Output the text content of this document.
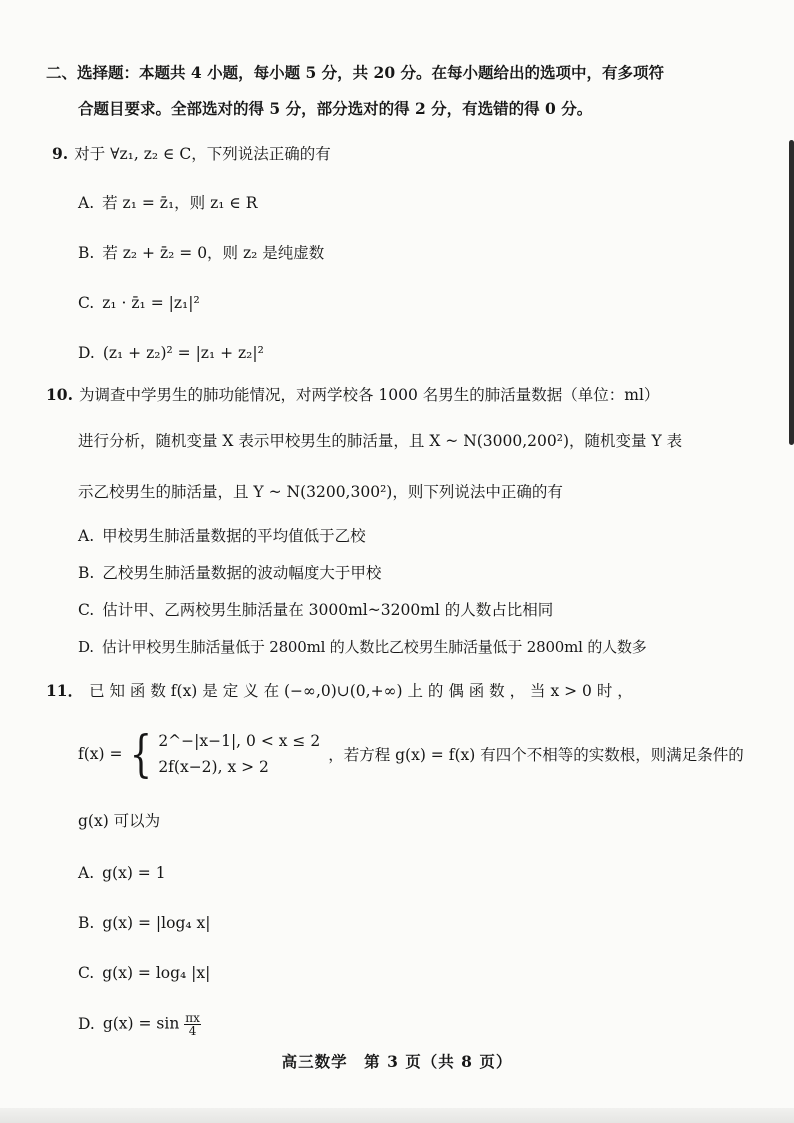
二、选择题：本题共 4 小题，每小题 5 分，共 20 分。在每小题给出的选项中，有多项符
合题目要求。全部选对的得 5 分，部分选对的得 2 分，有选错的得 0 分。
9. 对于 ∀z₁, z₂ ∈ C，下列说法正确的有
A. 若 z₁ = z̄₁，则 z₁ ∈ R
B. 若 z₂ + z̄₂ = 0，则 z₂ 是纯虚数
C. z₁ · z̄₁ = |z₁|²
D. (z₁ + z₂)² = |z₁ + z₂|²
10. 为调查中学男生的肺功能情况，对两学校各 1000 名男生的肺活量数据（单位：ml）
进行分析，随机变量 X 表示甲校男生的肺活量，且 X ~ N(3000,200²)，随机变量 Y 表
示乙校男生的肺活量，且 Y ~ N(3200,300²)，则下列说法中正确的有
A. 甲校男生肺活量数据的平均值低于乙校
B. 乙校男生肺活量数据的波动幅度大于甲校
C. 估计甲、乙两校男生肺活量在 3000ml~3200ml 的人数占比相同
D. 估计甲校男生肺活量低于 2800ml 的人数比乙校男生肺活量低于 2800ml 的人数多
11． 已 知 函 数 f(x) 是 定 义 在 (−∞,0)∪(0,+∞) 上 的 偶 函 数 ， 当 x > 0 时 ，
f(x) = { 2^−|x−1|, 0 < x ≤ 2
2f(x−2), x > 2
，若方程 g(x) = f(x) 有四个不相等的实数根，则满足条件的
g(x) 可以为
A. g(x) = 1
B. g(x) = |log₄ x|
C. g(x) = log₄ |x|
D. $g(x) = \sin \frac{\pi x}{4}$
高三数学　第 3 页（共 8 页）
